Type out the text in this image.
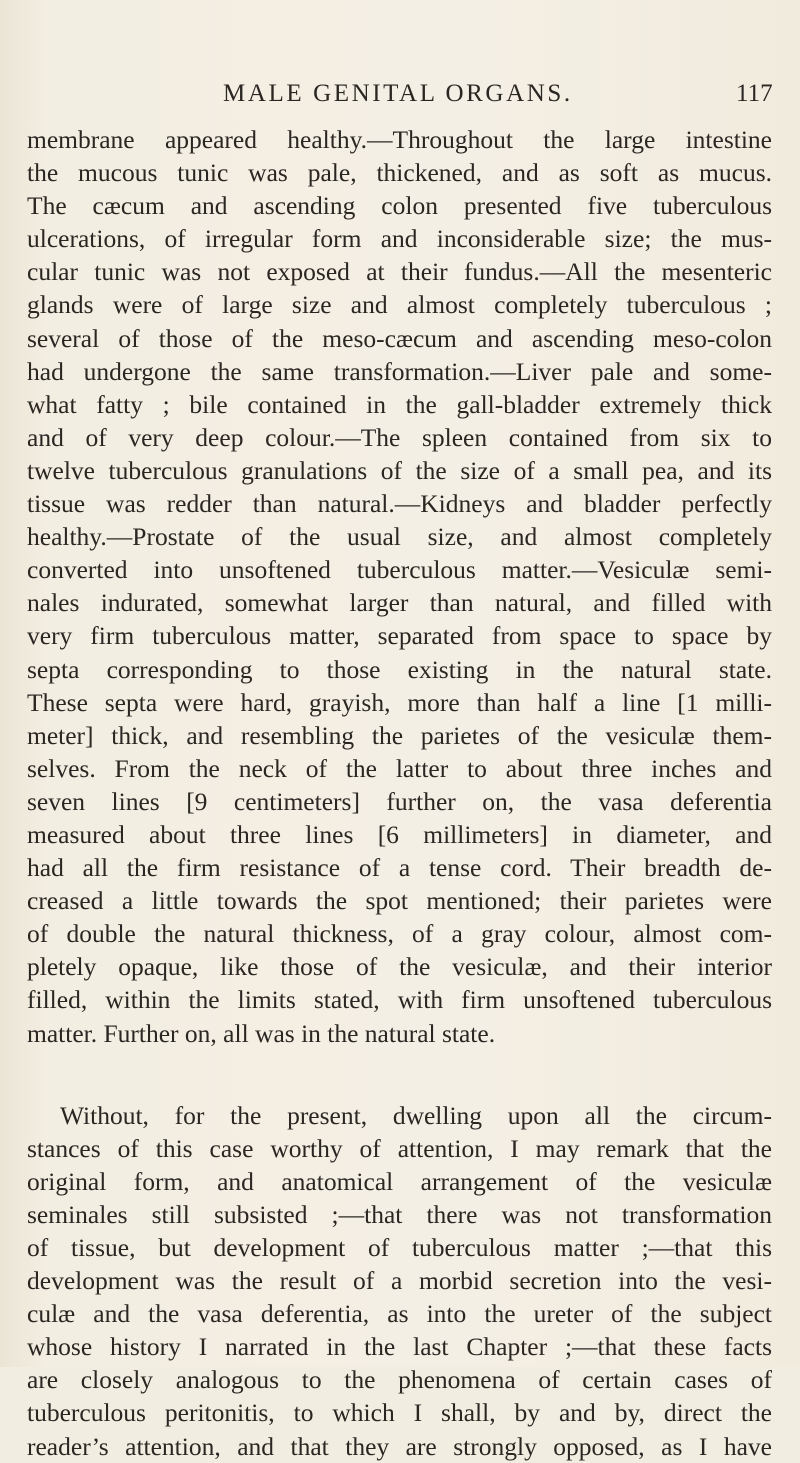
MALE GENITAL ORGANS.	117
membrane appeared healthy.—Throughout the large intestine
the mucous tunic was pale, thickened, and as soft as mucus.
The cæcum and ascending colon presented five tuberculous
ulcerations, of irregular form and inconsiderable size; the mus-
cular tunic was not exposed at their fundus.—All the mesenteric
glands were of large size and almost completely tuberculous ;
several of those of the meso-cæcum and ascending meso-colon
had undergone the same transformation.—Liver pale and some-
what fatty ; bile contained in the gall-bladder extremely thick
and of very deep colour.—The spleen contained from six to
twelve tuberculous granulations of the size of a small pea, and its
tissue was redder than natural.—Kidneys and bladder perfectly
healthy.—Prostate of the usual size, and almost completely
converted into unsoftened tuberculous matter.—Vesiculæ semi-
nales indurated, somewhat larger than natural, and filled with
very firm tuberculous matter, separated from space to space by
septa corresponding to those existing in the natural state.
These septa were hard, grayish, more than half a line [1 milli-
meter] thick, and resembling the parietes of the vesiculæ them-
selves. From the neck of the latter to about three inches and
seven lines [9 centimeters] further on, the vasa deferentia
measured about three lines [6 millimeters] in diameter, and
had all the firm resistance of a tense cord. Their breadth de-
creased a little towards the spot mentioned; their parietes were
of double the natural thickness, of a gray colour, almost com-
pletely opaque, like those of the vesiculæ, and their interior
filled, within the limits stated, with firm unsoftened tuberculous
matter. Further on, all was in the natural state.
Without, for the present, dwelling upon all the circum-
stances of this case worthy of attention, I may remark that the
original form, and anatomical arrangement of the vesiculæ
seminales still subsisted ;—that there was not transformation
of tissue, but development of tuberculous matter ;—that this
development was the result of a morbid secretion into the vesi-
culæ and the vasa deferentia, as into the ureter of the subject
whose history I narrated in the last Chapter ;—that these facts
are closely analogous to the phenomena of certain cases of
tuberculous peritonitis, to which I shall, by and by, direct the
reader’s attention, and that they are strongly opposed, as I have
